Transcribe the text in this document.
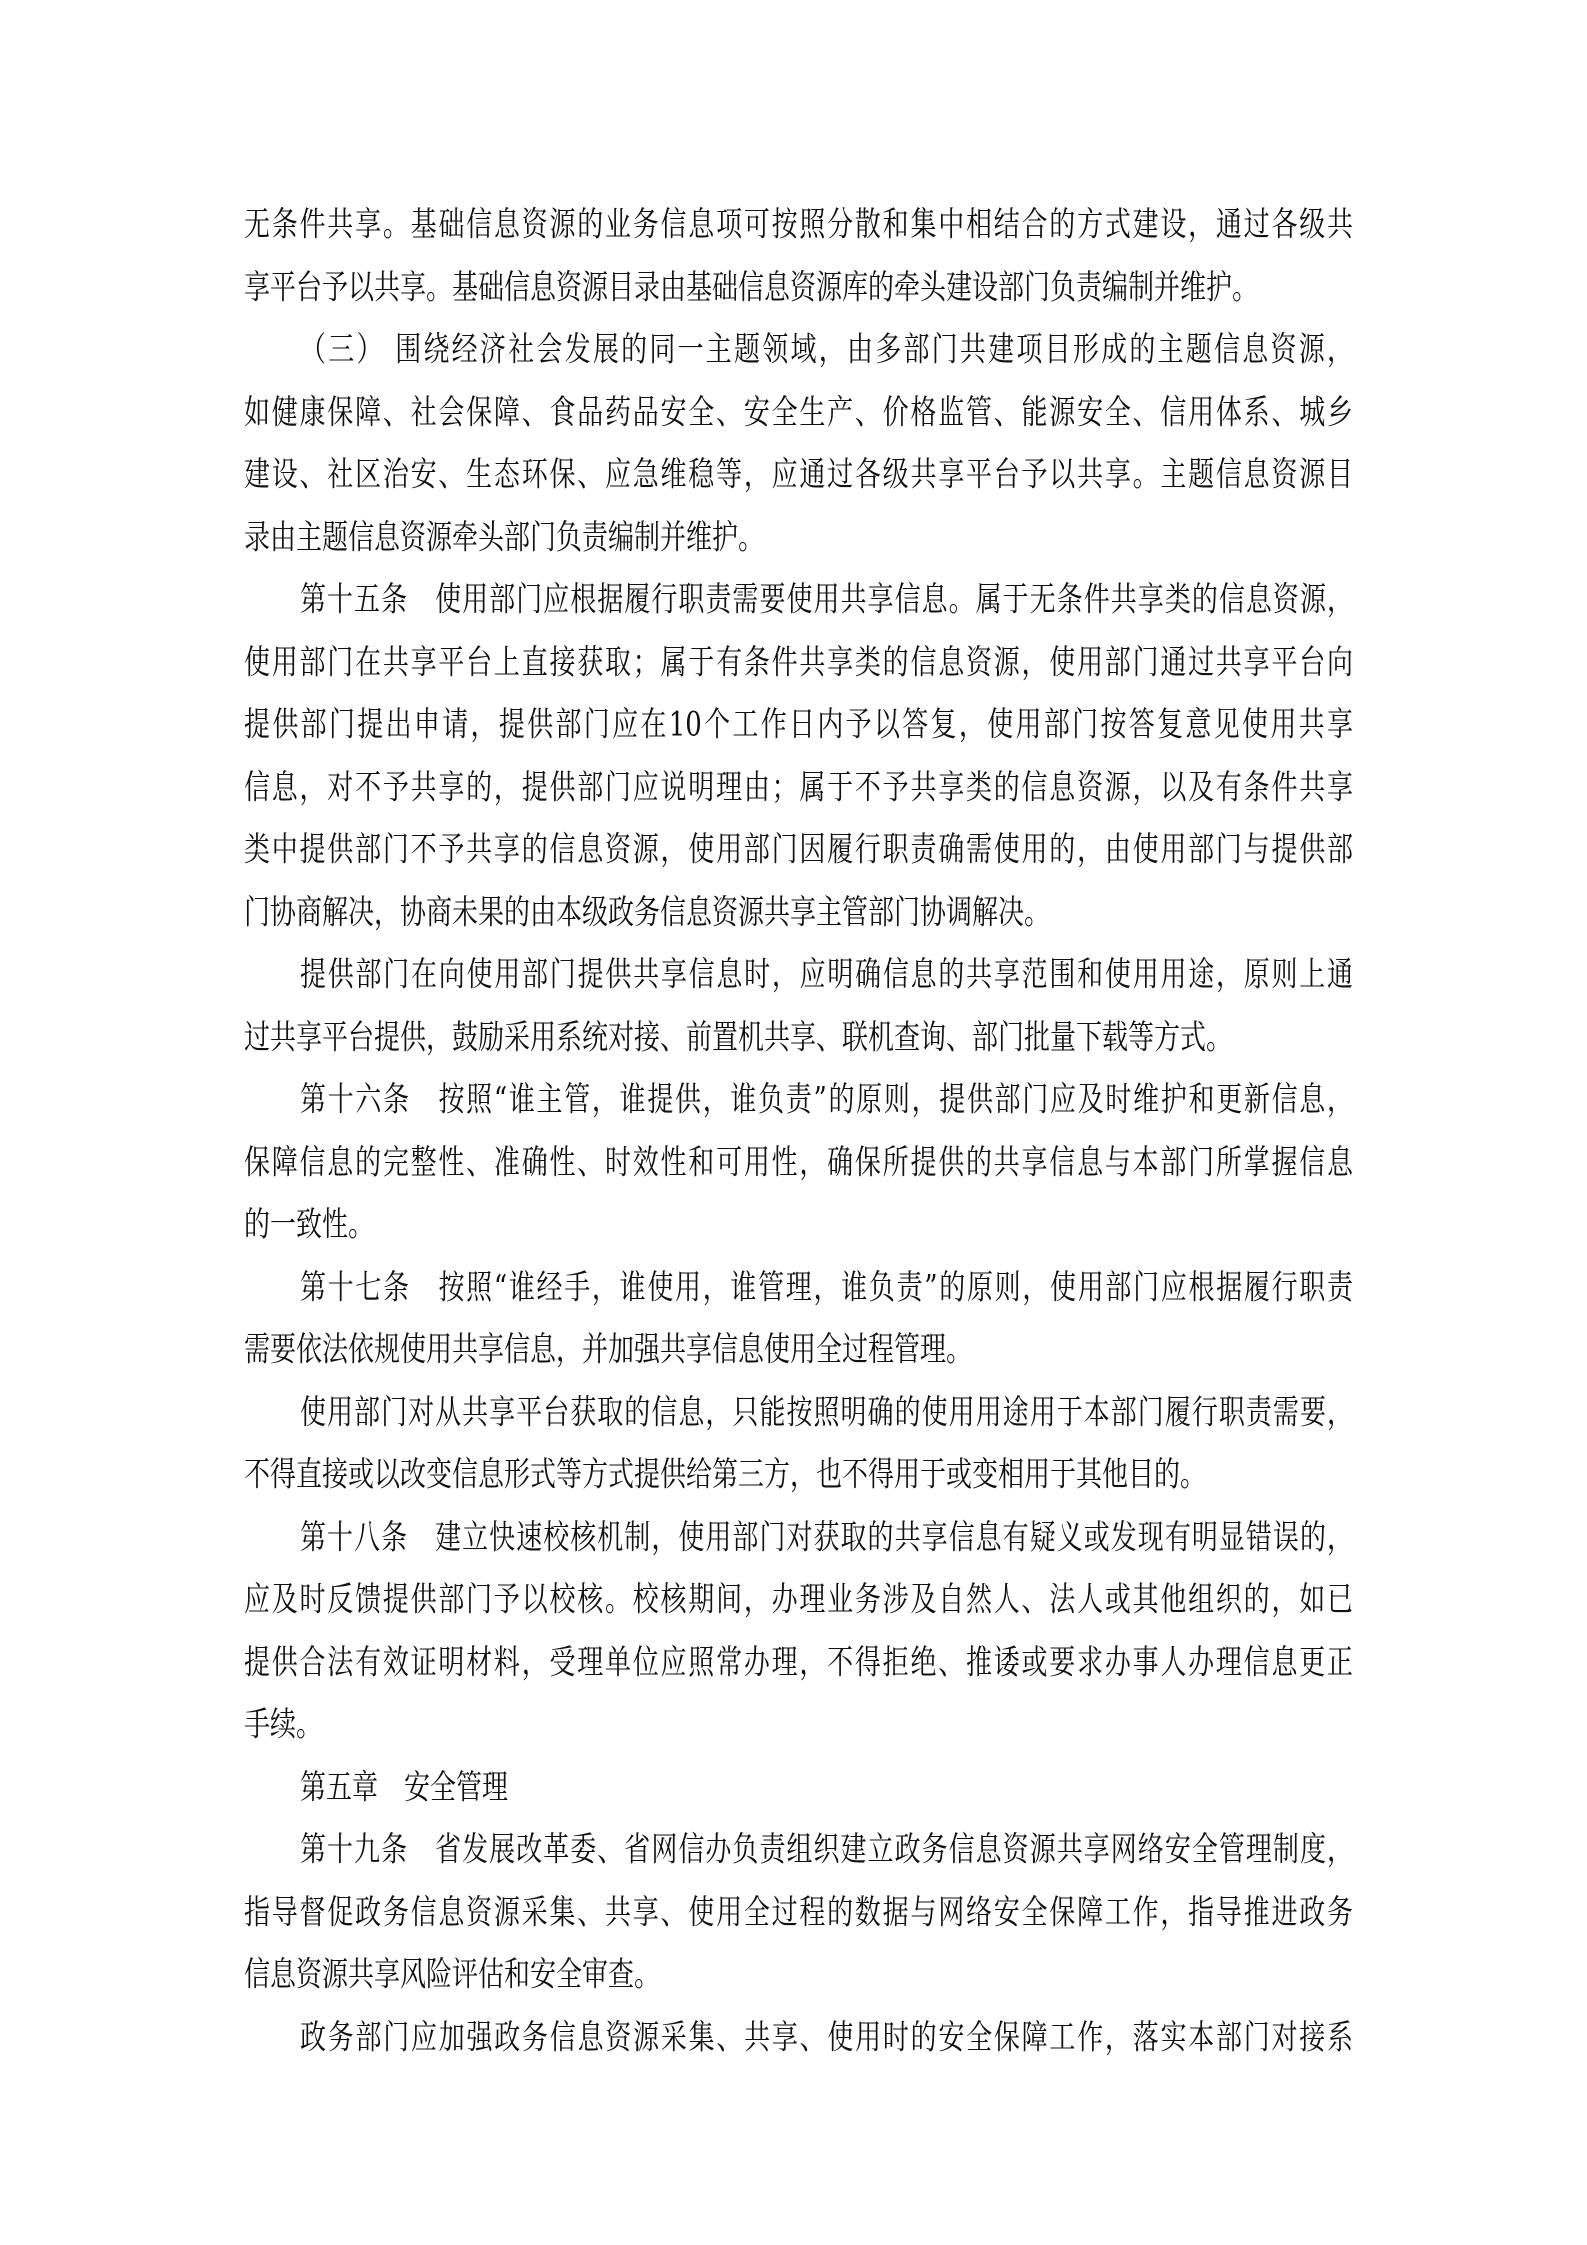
无条件共享。基础信息资源的业务信息项可按照分散和集中相结合的方式建设，通过各级共
享平台予以共享。基础信息资源目录由基础信息资源库的牵头建设部门负责编制并维护。
（三） 围绕经济社会发展的同一主题领域，由多部门共建项目形成的主题信息资源，
如健康保障、社会保障、食品药品安全、安全生产、价格监管、能源安全、信用体系、城乡
建设、社区治安、生态环保、应急维稳等，应通过各级共享平台予以共享。主题信息资源目
录由主题信息资源牵头部门负责编制并维护。
第十五条　使用部门应根据履行职责需要使用共享信息。属于无条件共享类的信息资源，
使用部门在共享平台上直接获取；属于有条件共享类的信息资源，使用部门通过共享平台向
提供部门提出申请，提供部门应在10个工作日内予以答复，使用部门按答复意见使用共享
信息，对不予共享的，提供部门应说明理由；属于不予共享类的信息资源，以及有条件共享
类中提供部门不予共享的信息资源，使用部门因履行职责确需使用的，由使用部门与提供部
门协商解决，协商未果的由本级政务信息资源共享主管部门协调解决。
提供部门在向使用部门提供共享信息时，应明确信息的共享范围和使用用途，原则上通
过共享平台提供，鼓励采用系统对接、前置机共享、联机查询、部门批量下载等方式。
第十六条　按照“谁主管，谁提供，谁负责”的原则，提供部门应及时维护和更新信息，
保障信息的完整性、准确性、时效性和可用性，确保所提供的共享信息与本部门所掌握信息
的一致性。
第十七条　按照“谁经手，谁使用，谁管理，谁负责”的原则，使用部门应根据履行职责
需要依法依规使用共享信息，并加强共享信息使用全过程管理。
使用部门对从共享平台获取的信息，只能按照明确的使用用途用于本部门履行职责需要，
不得直接或以改变信息形式等方式提供给第三方，也不得用于或变相用于其他目的。
第十八条　建立快速校核机制，使用部门对获取的共享信息有疑义或发现有明显错误的，
应及时反馈提供部门予以校核。校核期间，办理业务涉及自然人、法人或其他组织的，如已
提供合法有效证明材料，受理单位应照常办理，不得拒绝、推诿或要求办事人办理信息更正
手续。
第五章　安全管理
第十九条　省发展改革委、省网信办负责组织建立政务信息资源共享网络安全管理制度，
指导督促政务信息资源采集、共享、使用全过程的数据与网络安全保障工作，指导推进政务
信息资源共享风险评估和安全审查。
政务部门应加强政务信息资源采集、共享、使用时的安全保障工作，落实本部门对接系
